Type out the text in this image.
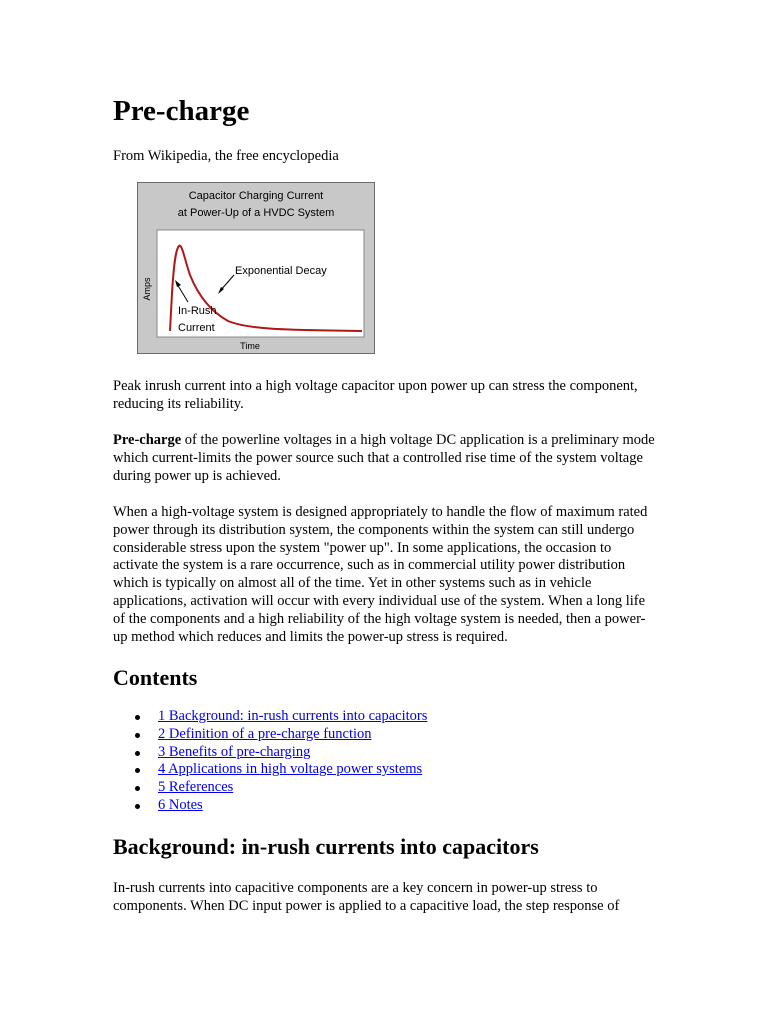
Pre-charge
From Wikipedia, the free encyclopedia
Capacitor Charging Current
at Power-Up of a HVDC System
Amps
Time
Exponential Decay
In-Rush
Current

Peak inrush current into a high voltage capacitor upon power up can stress the component, reducing its reliability.

Pre-charge of the powerline voltages in a high voltage DC application is a preliminary mode which current-limits the power source such that a controlled rise time of the system voltage during power up is achieved.

When a high-voltage system is designed appropriately to handle the flow of maximum rated power through its distribution system, the components within the system can still undergo considerable stress upon the system "power up". In some applications, the occasion to activate the system is a rare occurrence, such as in commercial utility power distribution which is typically on almost all of the time. Yet in other systems such as in vehicle applications, activation will occur with every individual use of the system. When a long life of the components and a high reliability of the high voltage system is needed, then a power-up method which reduces and limits the power-up stress is required.

Contents
1 Background: in-rush currents into capacitors
2 Definition of a pre-charge function
3 Benefits of pre-charging
4 Applications in high voltage power systems
5 References
6 Notes
Background: in-rush currents into capacitors

In-rush currents into capacitive components are a key concern in power-up stress to components. When DC input power is applied to a capacitive load, the step response of
